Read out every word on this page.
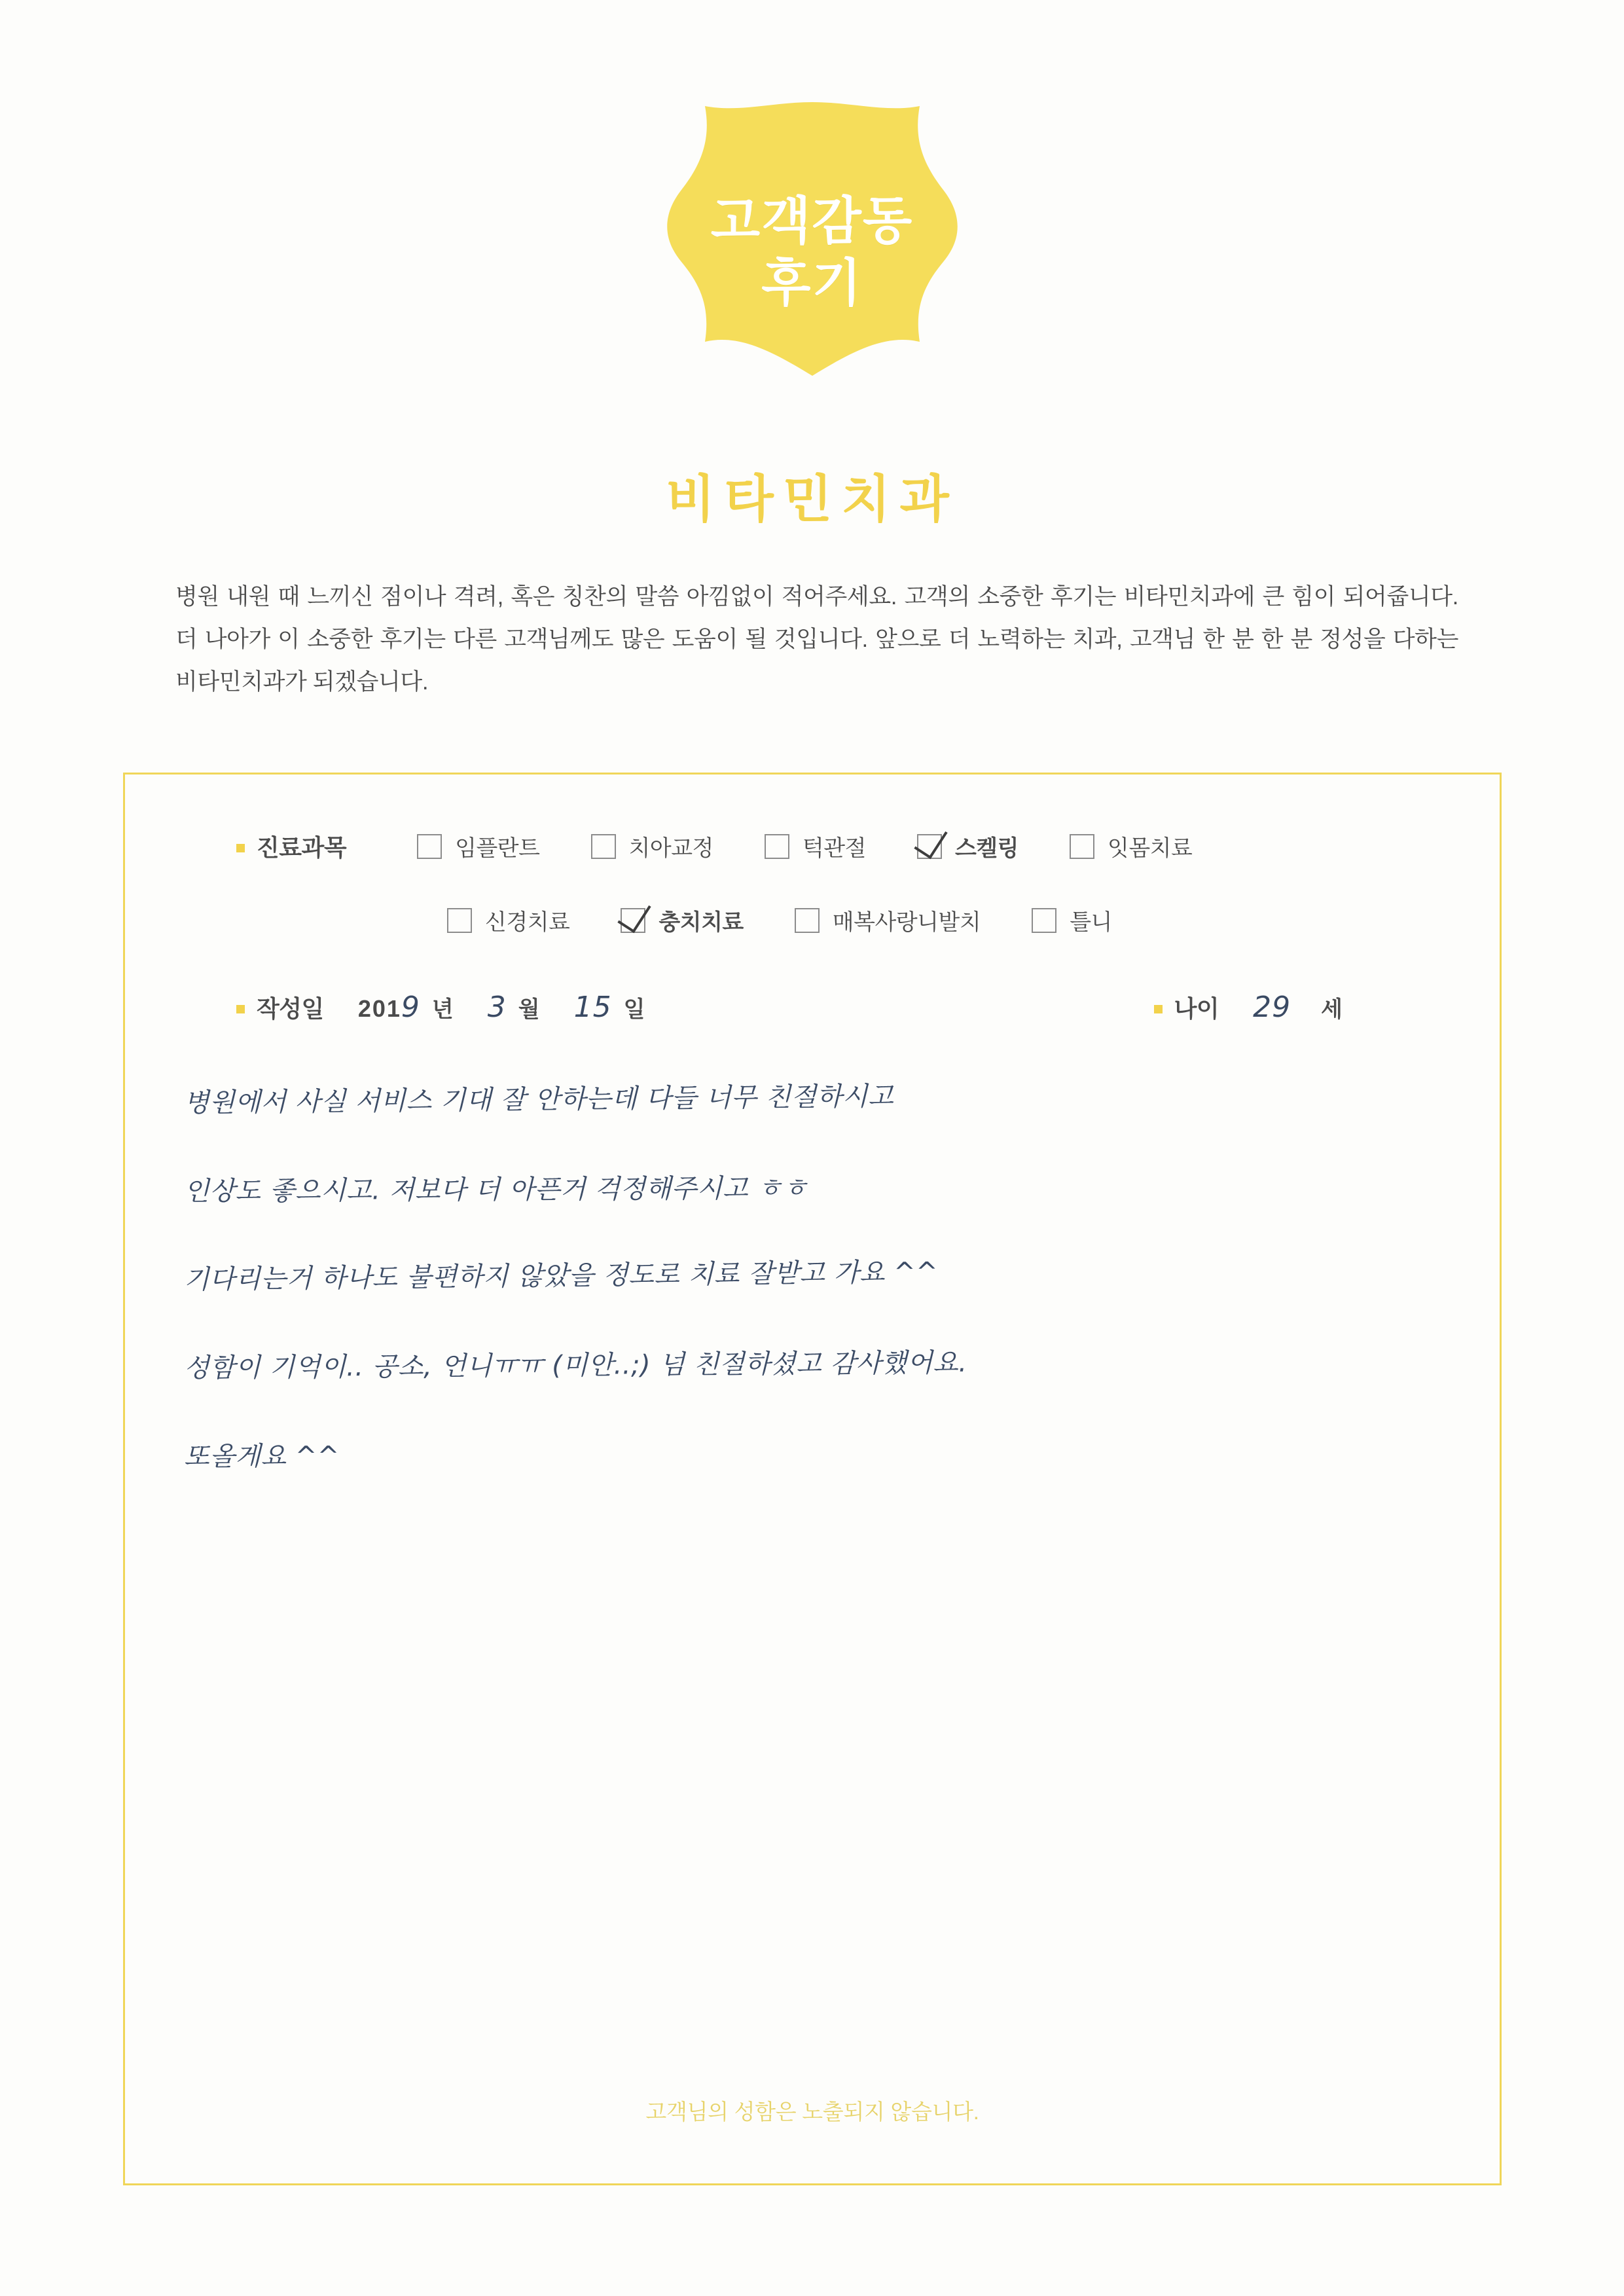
고객감동
후기
비타민치과
병원 내원 때 느끼신 점이나 격려, 혹은 칭찬의 말씀 아낌없이 적어주세요. 고객의 소중한 후기는 비타민치과에 큰 힘이 되어줍니다. 더 나아가 이 소중한 후기는 다른 고객님께도 많은 도움이 될 것입니다. 앞으로 더 노력하는 치과, 고객님 한 분 한 분 정성을 다하는 비타민치과가 되겠습니다.
진료과목	임플란트	치아교정	턱관절	스켈링	잇몸치료
신경치료	충치치료	매복사랑니발치	틀니
작성일 201 9 년 3 월 15 일	나이 29 세
병원에서 사실 서비스 기대 잘 안하는데 다들 너무 친절하시고
인상도 좋으시고. 저보다 더 아픈거 걱정해주시고 ㅎㅎ
기다리는거 하나도 불편하지 않았을 정도로 치료 잘받고 가요 ^^
성함이 기억이.. 공소, 언니ㅠㅠ (미안..;) 넘 친절하셨고 감사했어요.
또올게요 ^^
고객님의 성함은 노출되지 않습니다.
